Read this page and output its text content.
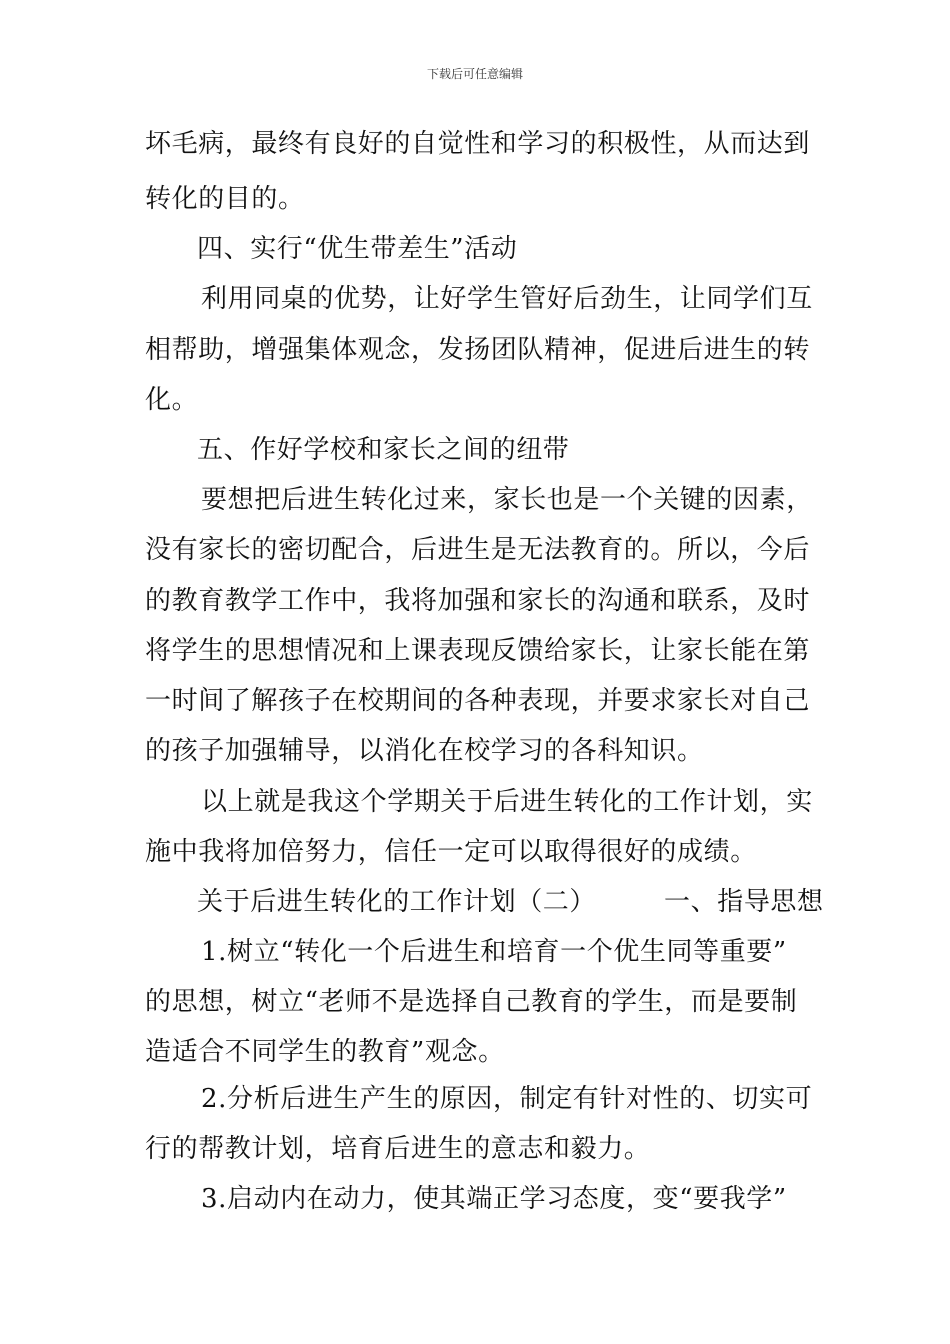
下载后可任意编辑
坏毛病，最终有良好的自觉性和学习的积极性，从而达到
转化的目的。
四、实行“优生带差生”活动
利用同桌的优势，让好学生管好后劲生，让同学们互
相帮助，增强集体观念，发扬团队精神，促进后进生的转
化。
五、作好学校和家长之间的纽带
要想把后进生转化过来，家长也是一个关键的因素，
没有家长的密切配合，后进生是无法教育的。所以，今后
的教育教学工作中，我将加强和家长的沟通和联系，及时
将学生的思想情况和上课表现反馈给家长，让家长能在第
一时间了解孩子在校期间的各种表现，并要求家长对自己
的孩子加强辅导，以消化在校学习的各科知识。
以上就是我这个学期关于后进生转化的工作计划，实
施中我将加倍努力，信任一定可以取得很好的成绩。
关于后进生转化的工作计划（二）	一、指导思想
1.树立“转化一个后进生和培育一个优生同等重要”
的思想，树立“老师不是选择自己教育的学生，而是要制
造适合不同学生的教育”观念。
2.分析后进生产生的原因，制定有针对性的、切实可
行的帮教计划，培育后进生的意志和毅力。
3.启动内在动力，使其端正学习态度，变“要我学”
